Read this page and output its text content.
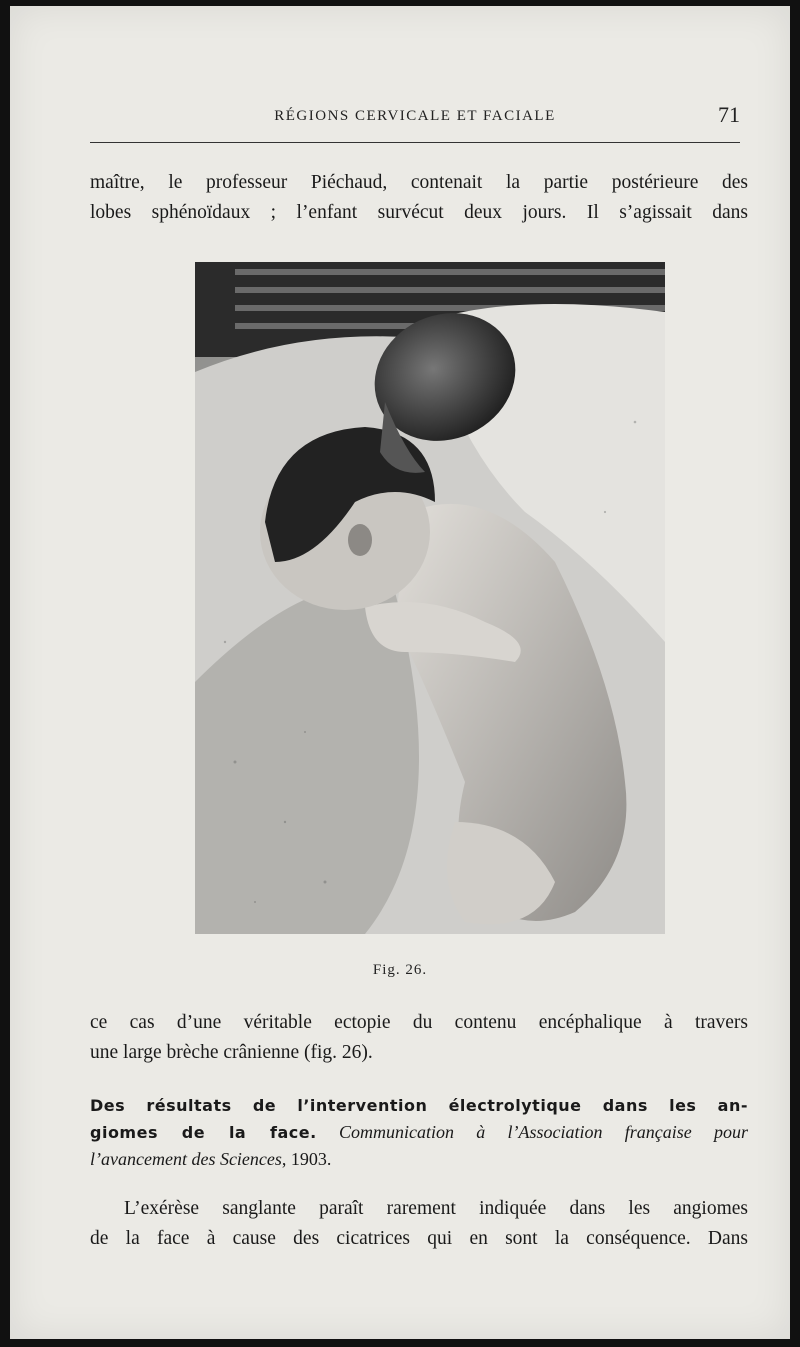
RÉGIONS CERVICALE ET FACIALE	71
maître, le professeur Piéchaud, contenait la partie postérieure des
lobes sphénoïdaux ; l’enfant survécut deux jours. Il s’agissait dans
Fig. 26.
ce cas d’une véritable ectopie du contenu encéphalique à travers
une large brèche crânienne (fig. 26).
Des résultats de l’intervention électrolytique dans les an-
giomes de la face. Communication à l’Association française pour
l’avancement des Sciences, 1903.
L’exérèse sanglante paraît rarement indiquée dans les angiomes
de la face à cause des cicatrices qui en sont la conséquence. Dans
